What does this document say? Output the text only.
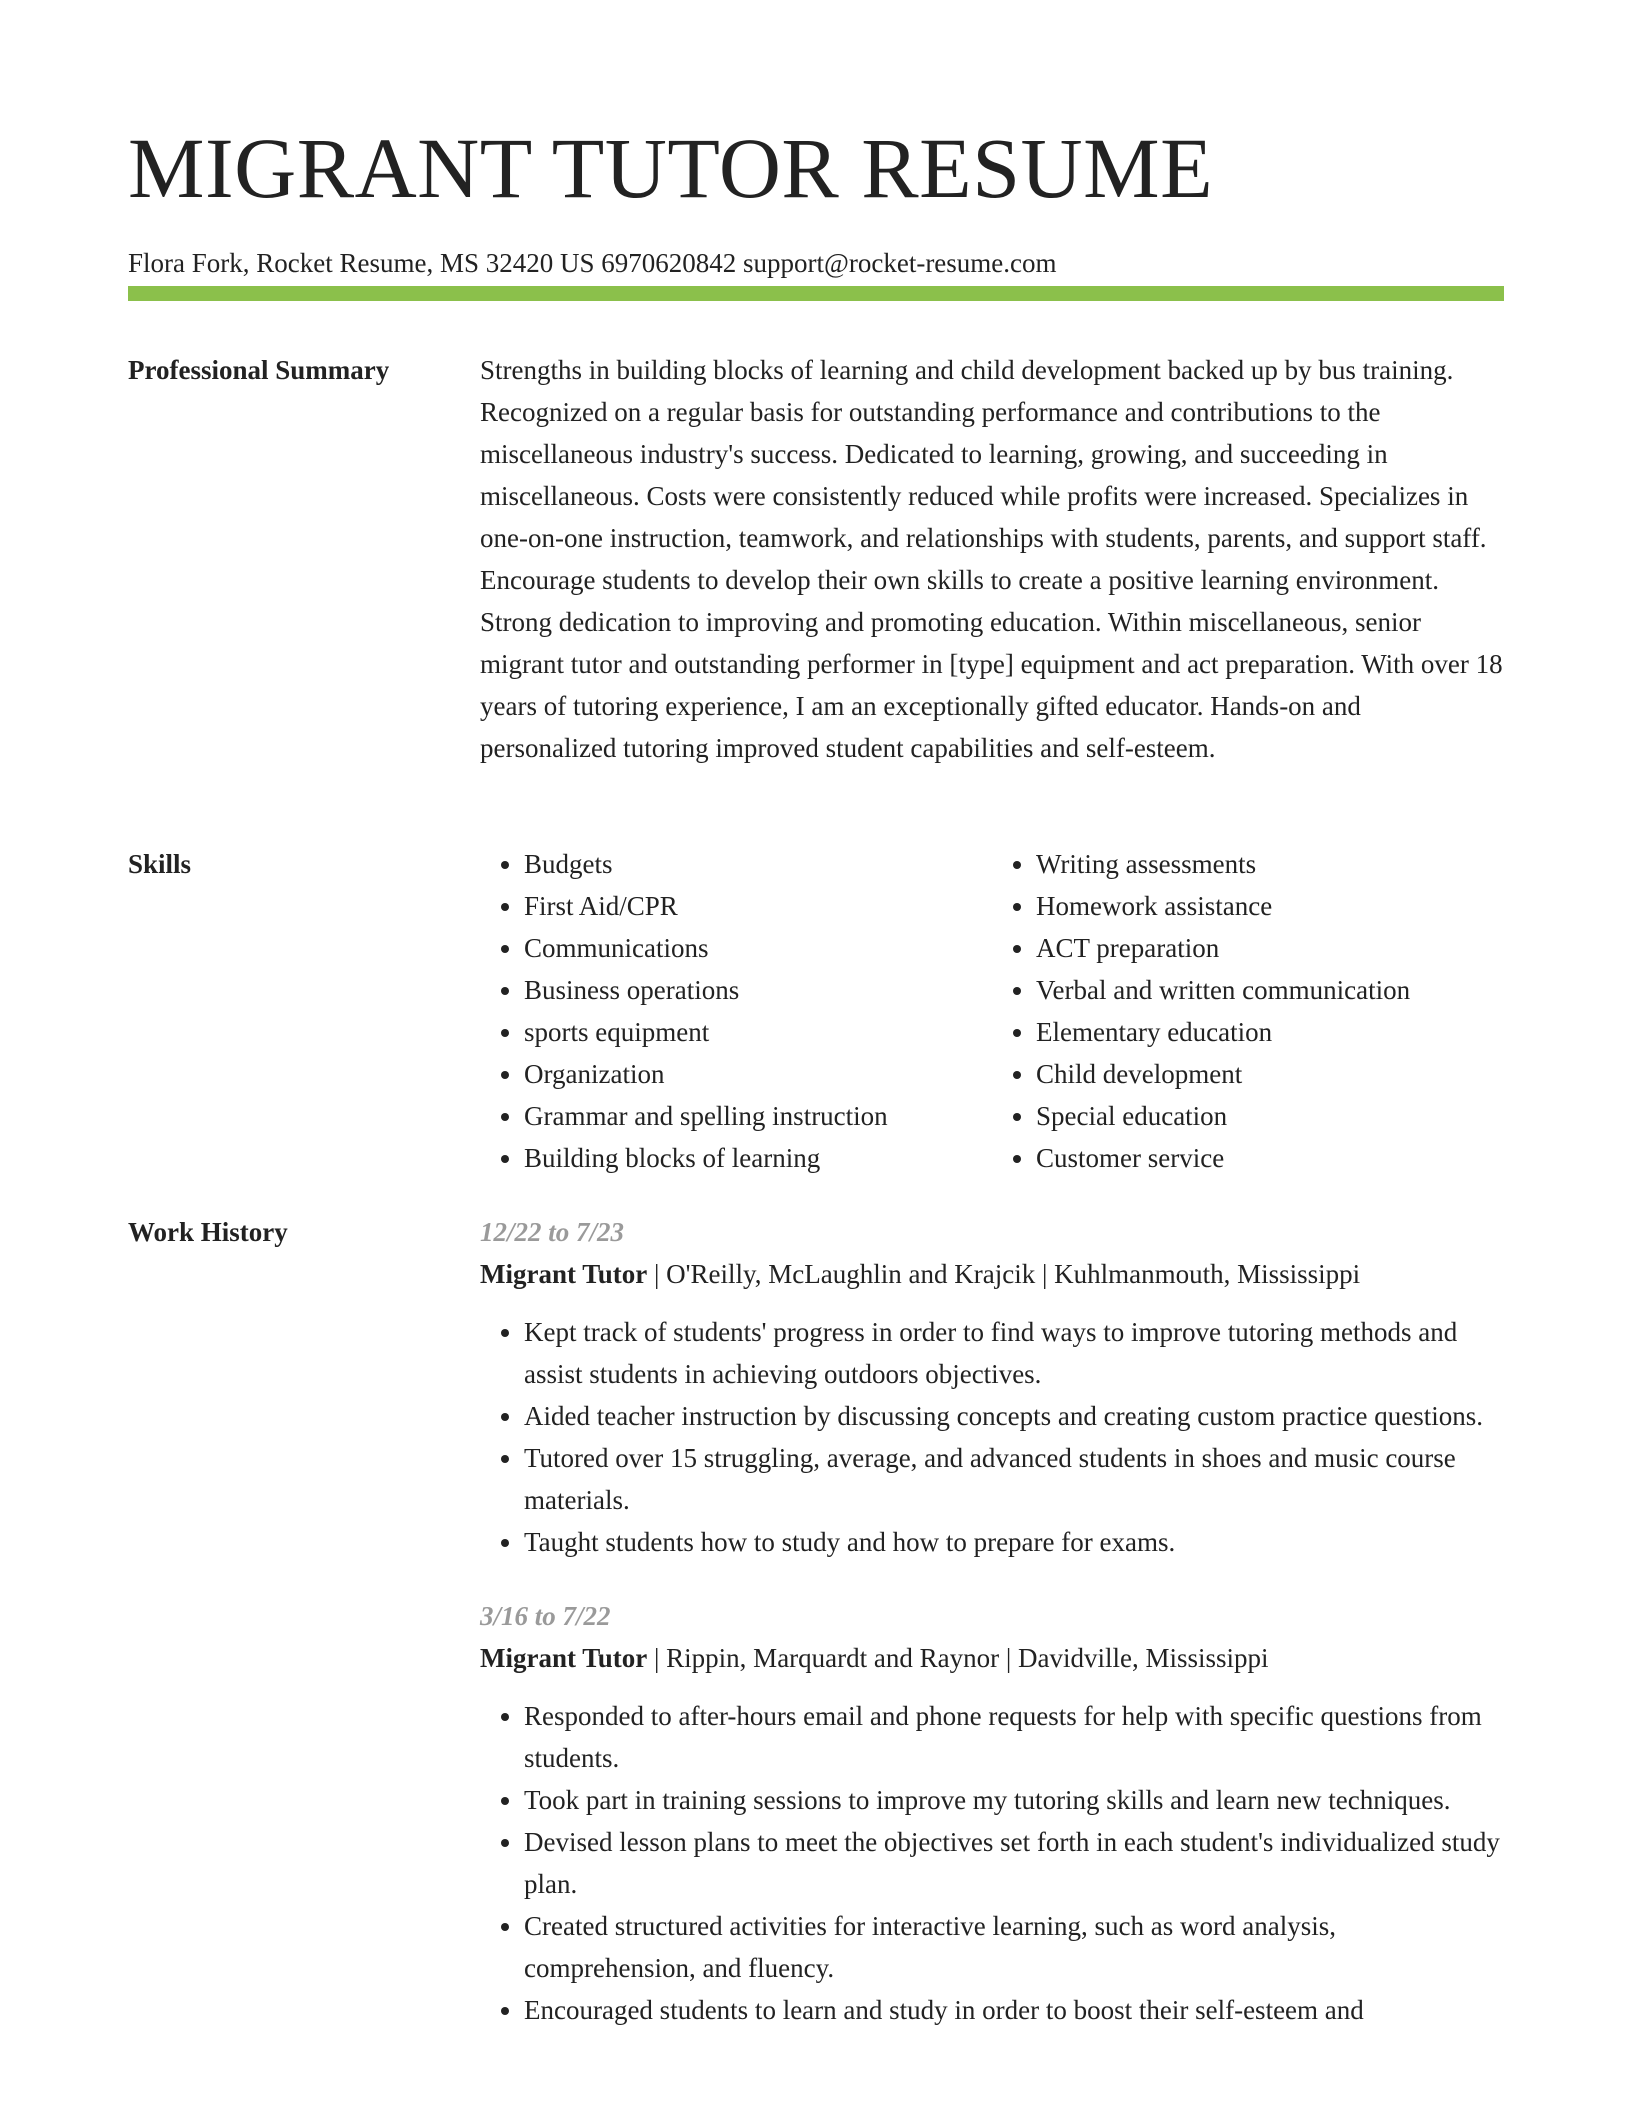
MIGRANT TUTOR RESUME
Flora Fork, Rocket Resume, MS 32420 US 6970620842 support@rocket-resume.com
Professional Summary	Strengths in building blocks of learning and child development backed up by bus training. Recognized on a regular basis for outstanding performance and contributions to the miscellaneous industry's success. Dedicated to learning, growing, and succeeding in miscellaneous. Costs were consistently reduced while profits were increased. Specializes in one-on-one instruction, teamwork, and relationships with students, parents, and support staff. Encourage students to develop their own skills to create a positive learning environment. Strong dedication to improving and promoting education. Within miscellaneous, senior migrant tutor and outstanding performer in [type] equipment and act preparation. With over 18 years of tutoring experience, I am an exceptionally gifted educator. Hands-on and personalized tutoring improved student capabilities and self-esteem.

Skills
•	Budgets
• First Aid/CPR
• Communications
• Business operations
• sports equipment
• Organization
• Grammar and spelling instruction
• Building blocks of learning
• Writing assessments
• Homework assistance
• ACT preparation
• Verbal and written communication
• Elementary education
• Child development
• Special education
• Customer service
Work History	12/22 to 7/23
Migrant Tutor | O'Reilly, McLaughlin and Krajcik | Kuhlmanmouth, Mississippi
• Kept track of students' progress in order to find ways to improve tutoring methods and assist students in achieving outdoors objectives.
• Aided teacher instruction by discussing concepts and creating custom practice questions.
• Tutored over 15 struggling, average, and advanced students in shoes and music course materials.
• Taught students how to study and how to prepare for exams.
3/16 to 7/22
Migrant Tutor | Rippin, Marquardt and Raynor | Davidville, Mississippi
• Responded to after-hours email and phone requests for help with specific questions from students.
• Took part in training sessions to improve my tutoring skills and learn new techniques.
• Devised lesson plans to meet the objectives set forth in each student's individualized study plan.
• Created structured activities for interactive learning, such as word analysis, comprehension, and fluency.
• Encouraged students to learn and study in order to boost their self-esteem and
